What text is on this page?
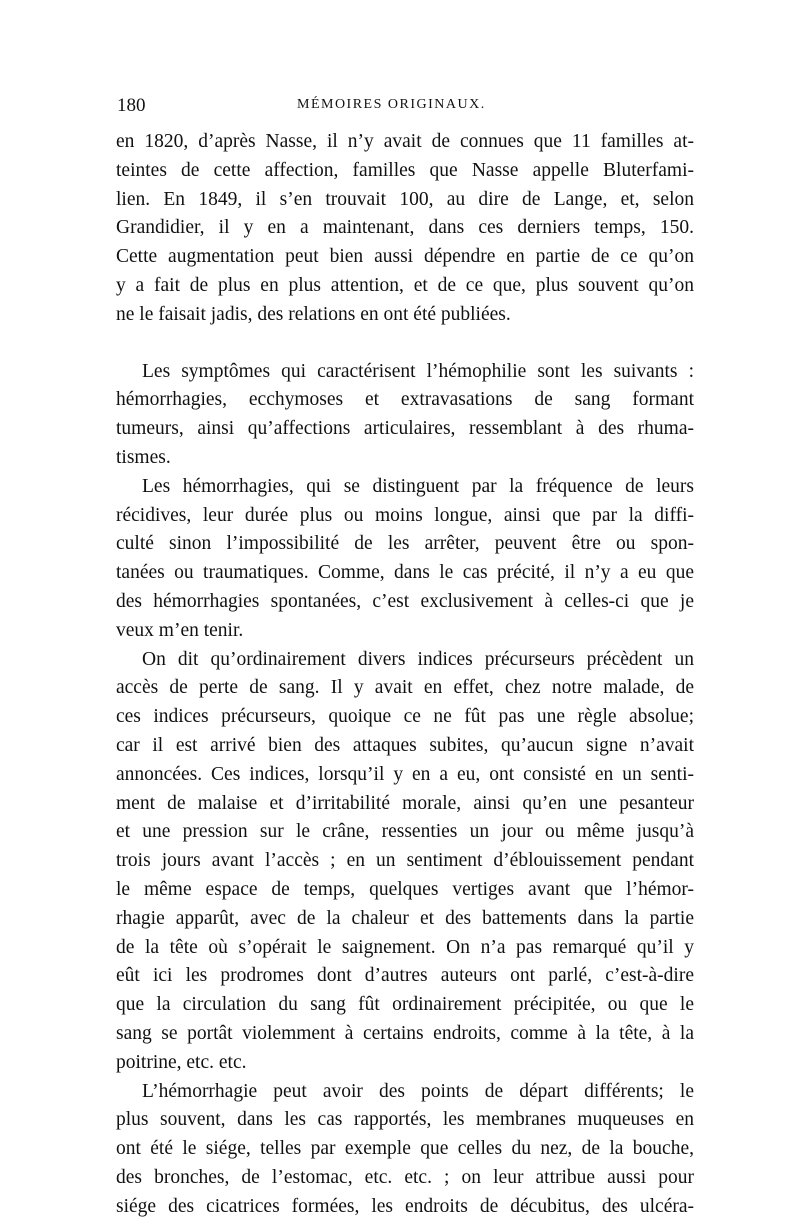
180	MÉMOIRES ORIGINAUX.
en 1820, d’après Nasse, il n’y avait de connues que 11 familles at-
teintes de cette affection, familles que Nasse appelle Bluterfami-
lien. En 1849, il s’en trouvait 100, au dire de Lange, et, selon
Grandidier, il y en a maintenant, dans ces derniers temps, 150.
Cette augmentation peut bien aussi dépendre en partie de ce qu’on
y a fait de plus en plus attention, et de ce que, plus souvent qu’on
ne le faisait jadis, des relations en ont été publiées.
Les symptômes qui caractérisent l’hémophilie sont les suivants :
hémorrhagies, ecchymoses et extravasations de sang formant
tumeurs, ainsi qu’affections articulaires, ressemblant à des rhuma-
tismes.
Les hémorrhagies, qui se distinguent par la fréquence de leurs
récidives, leur durée plus ou moins longue, ainsi que par la diffi-
culté sinon l’impossibilité de les arrêter, peuvent être ou spon-
tanées ou traumatiques. Comme, dans le cas précité, il n’y a eu que
des hémorrhagies spontanées, c’est exclusivement à celles-ci que je
veux m’en tenir.
On dit qu’ordinairement divers indices précurseurs précèdent un
accès de perte de sang. Il y avait en effet, chez notre malade, de
ces indices précurseurs, quoique ce ne fût pas une règle absolue;
car il est arrivé bien des attaques subites, qu’aucun signe n’avait
annoncées. Ces indices, lorsqu’il y en a eu, ont consisté en un senti-
ment de malaise et d’irritabilité morale, ainsi qu’en une pesanteur
et une pression sur le crâne, ressenties un jour ou même jusqu’à
trois jours avant l’accès ; en un sentiment d’éblouissement pendant
le même espace de temps, quelques vertiges avant que l’hémor-
rhagie apparût, avec de la chaleur et des battements dans la partie
de la tête où s’opérait le saignement. On n’a pas remarqué qu’il y
eût ici les prodromes dont d’autres auteurs ont parlé, c’est-à-dire
que la circulation du sang fût ordinairement précipitée, ou que le
sang se portât violemment à certains endroits, comme à la tête, à la
poitrine, etc. etc.
L’hémorrhagie peut avoir des points de départ différents; le
plus souvent, dans les cas rapportés, les membranes muqueuses en
ont été le siége, telles par exemple que celles du nez, de la bouche,
des bronches, de l’estomac, etc. etc. ; on leur attribue aussi pour
siége des cicatrices formées, les endroits de décubitus, des ulcéra-
